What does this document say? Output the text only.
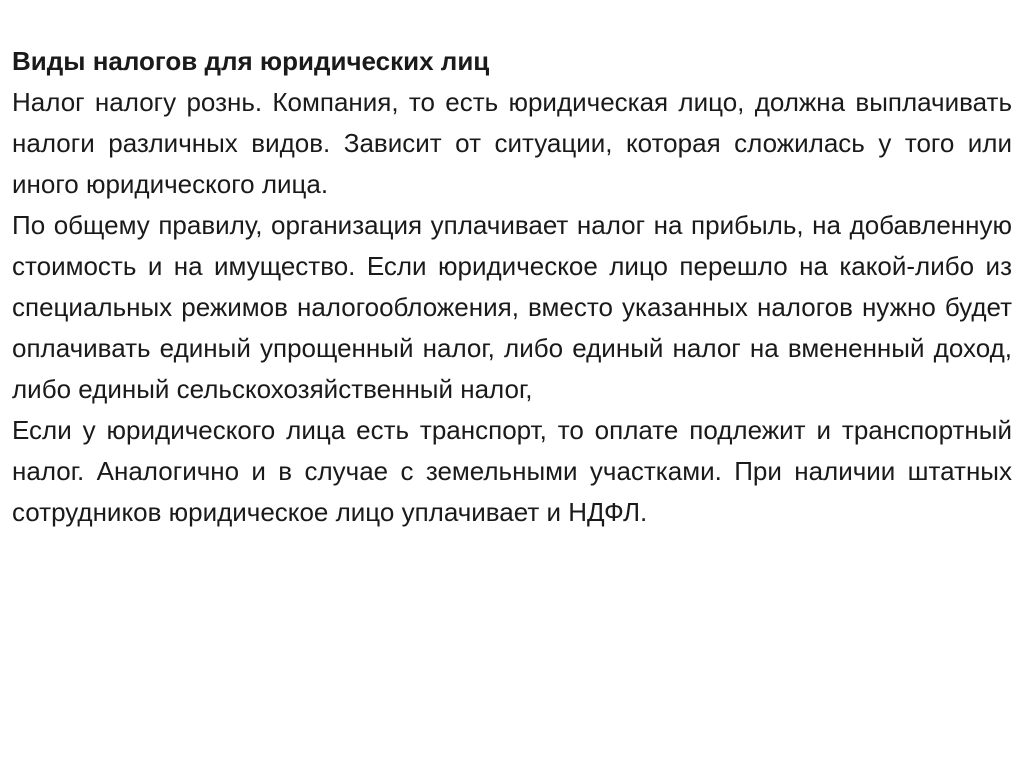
Виды налогов для юридических лиц

Налог налогу рознь. Компания, то есть юридическая лицо, должна выплачивать налоги различных видов. Зависит от ситуации, которая сложилась у того или иного юридического лица.

По общему правилу, организация уплачивает налог на прибыль, на добавленную стоимость и на имущество. Если юридическое лицо перешло на какой-либо из специальных режимов налогообложения, вместо указанных налогов нужно будет оплачивать единый упрощенный налог, либо единый налог на вмененный доход, либо единый сельскохозяйственный налог,

Если у юридического лица есть транспорт, то оплате подлежит и транспортный налог. Аналогично и в случае с земельными участками. При наличии штатных сотрудников юридическое лицо уплачивает и НДФЛ.
